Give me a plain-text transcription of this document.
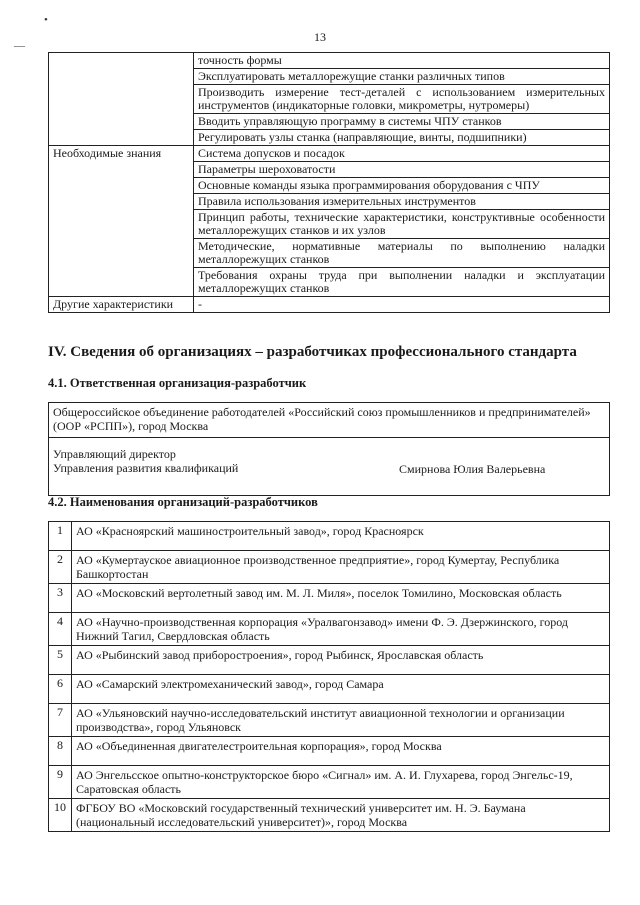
•
—
13
	точность формы
	Эксплуатировать металлорежущие станки различных типов
	Производить измерение тест-деталей с использованием измерительных инструментов (индикаторные головки, микрометры, нутромеры)
	Вводить управляющую программу в системы ЧПУ станков
	Регулировать узлы станка (направляющие, винты, подшипники)
Необходимые знания	Система допусков и посадок
	Параметры шероховатости
	Основные команды языка программирования оборудования с ЧПУ
	Правила использования измерительных инструментов
	Принцип работы, технические характеристики, конструктивные особенности металлорежущих станков и их узлов
	Методические, нормативные материалы по выполнению наладки металлорежущих станков
	Требования охраны труда при выполнении наладки и эксплуатации металлорежущих станков
Другие характеристики	-
IV. Сведения об организациях – разработчиках профессионального стандарта
4.1. Ответственная организация-разработчик
Общероссийское объединение работодателей «Российский союз промышленников и предпринимателей» (ООР «РСПП»), город Москва
Управляющий директор
Управления развития квалификаций	Смирнова Юлия Валерьевна
4.2. Наименования организаций-разработчиков
1	АО «Красноярский машиностроительный завод», город Красноярск
2	АО «Кумертауское авиационное производственное предприятие», город Кумертау, Республика Башкортостан
3	АО «Московский вертолетный завод им. М. Л. Миля», поселок Томилино, Московская область
4	АО «Научно-производственная корпорация «Уралвагонзавод» имени Ф. Э. Дзержинского, город Нижний Тагил, Свердловская область
5	АО «Рыбинский завод приборостроения», город Рыбинск, Ярославская область
6	АО «Самарский электромеханический завод», город Самара
7	АО «Ульяновский научно-исследовательский институт авиационной технологии и организации производства», город Ульяновск
8	АО «Объединенная двигателестроительная корпорация», город Москва
9	АО Энгельсское опытно-конструкторское бюро «Сигнал» им. А. И. Глухарева, город Энгельс-19, Саратовская область
10	ФГБОУ ВО «Московский государственный технический университет им. Н. Э. Баумана (национальный исследовательский университет)», город Москва
